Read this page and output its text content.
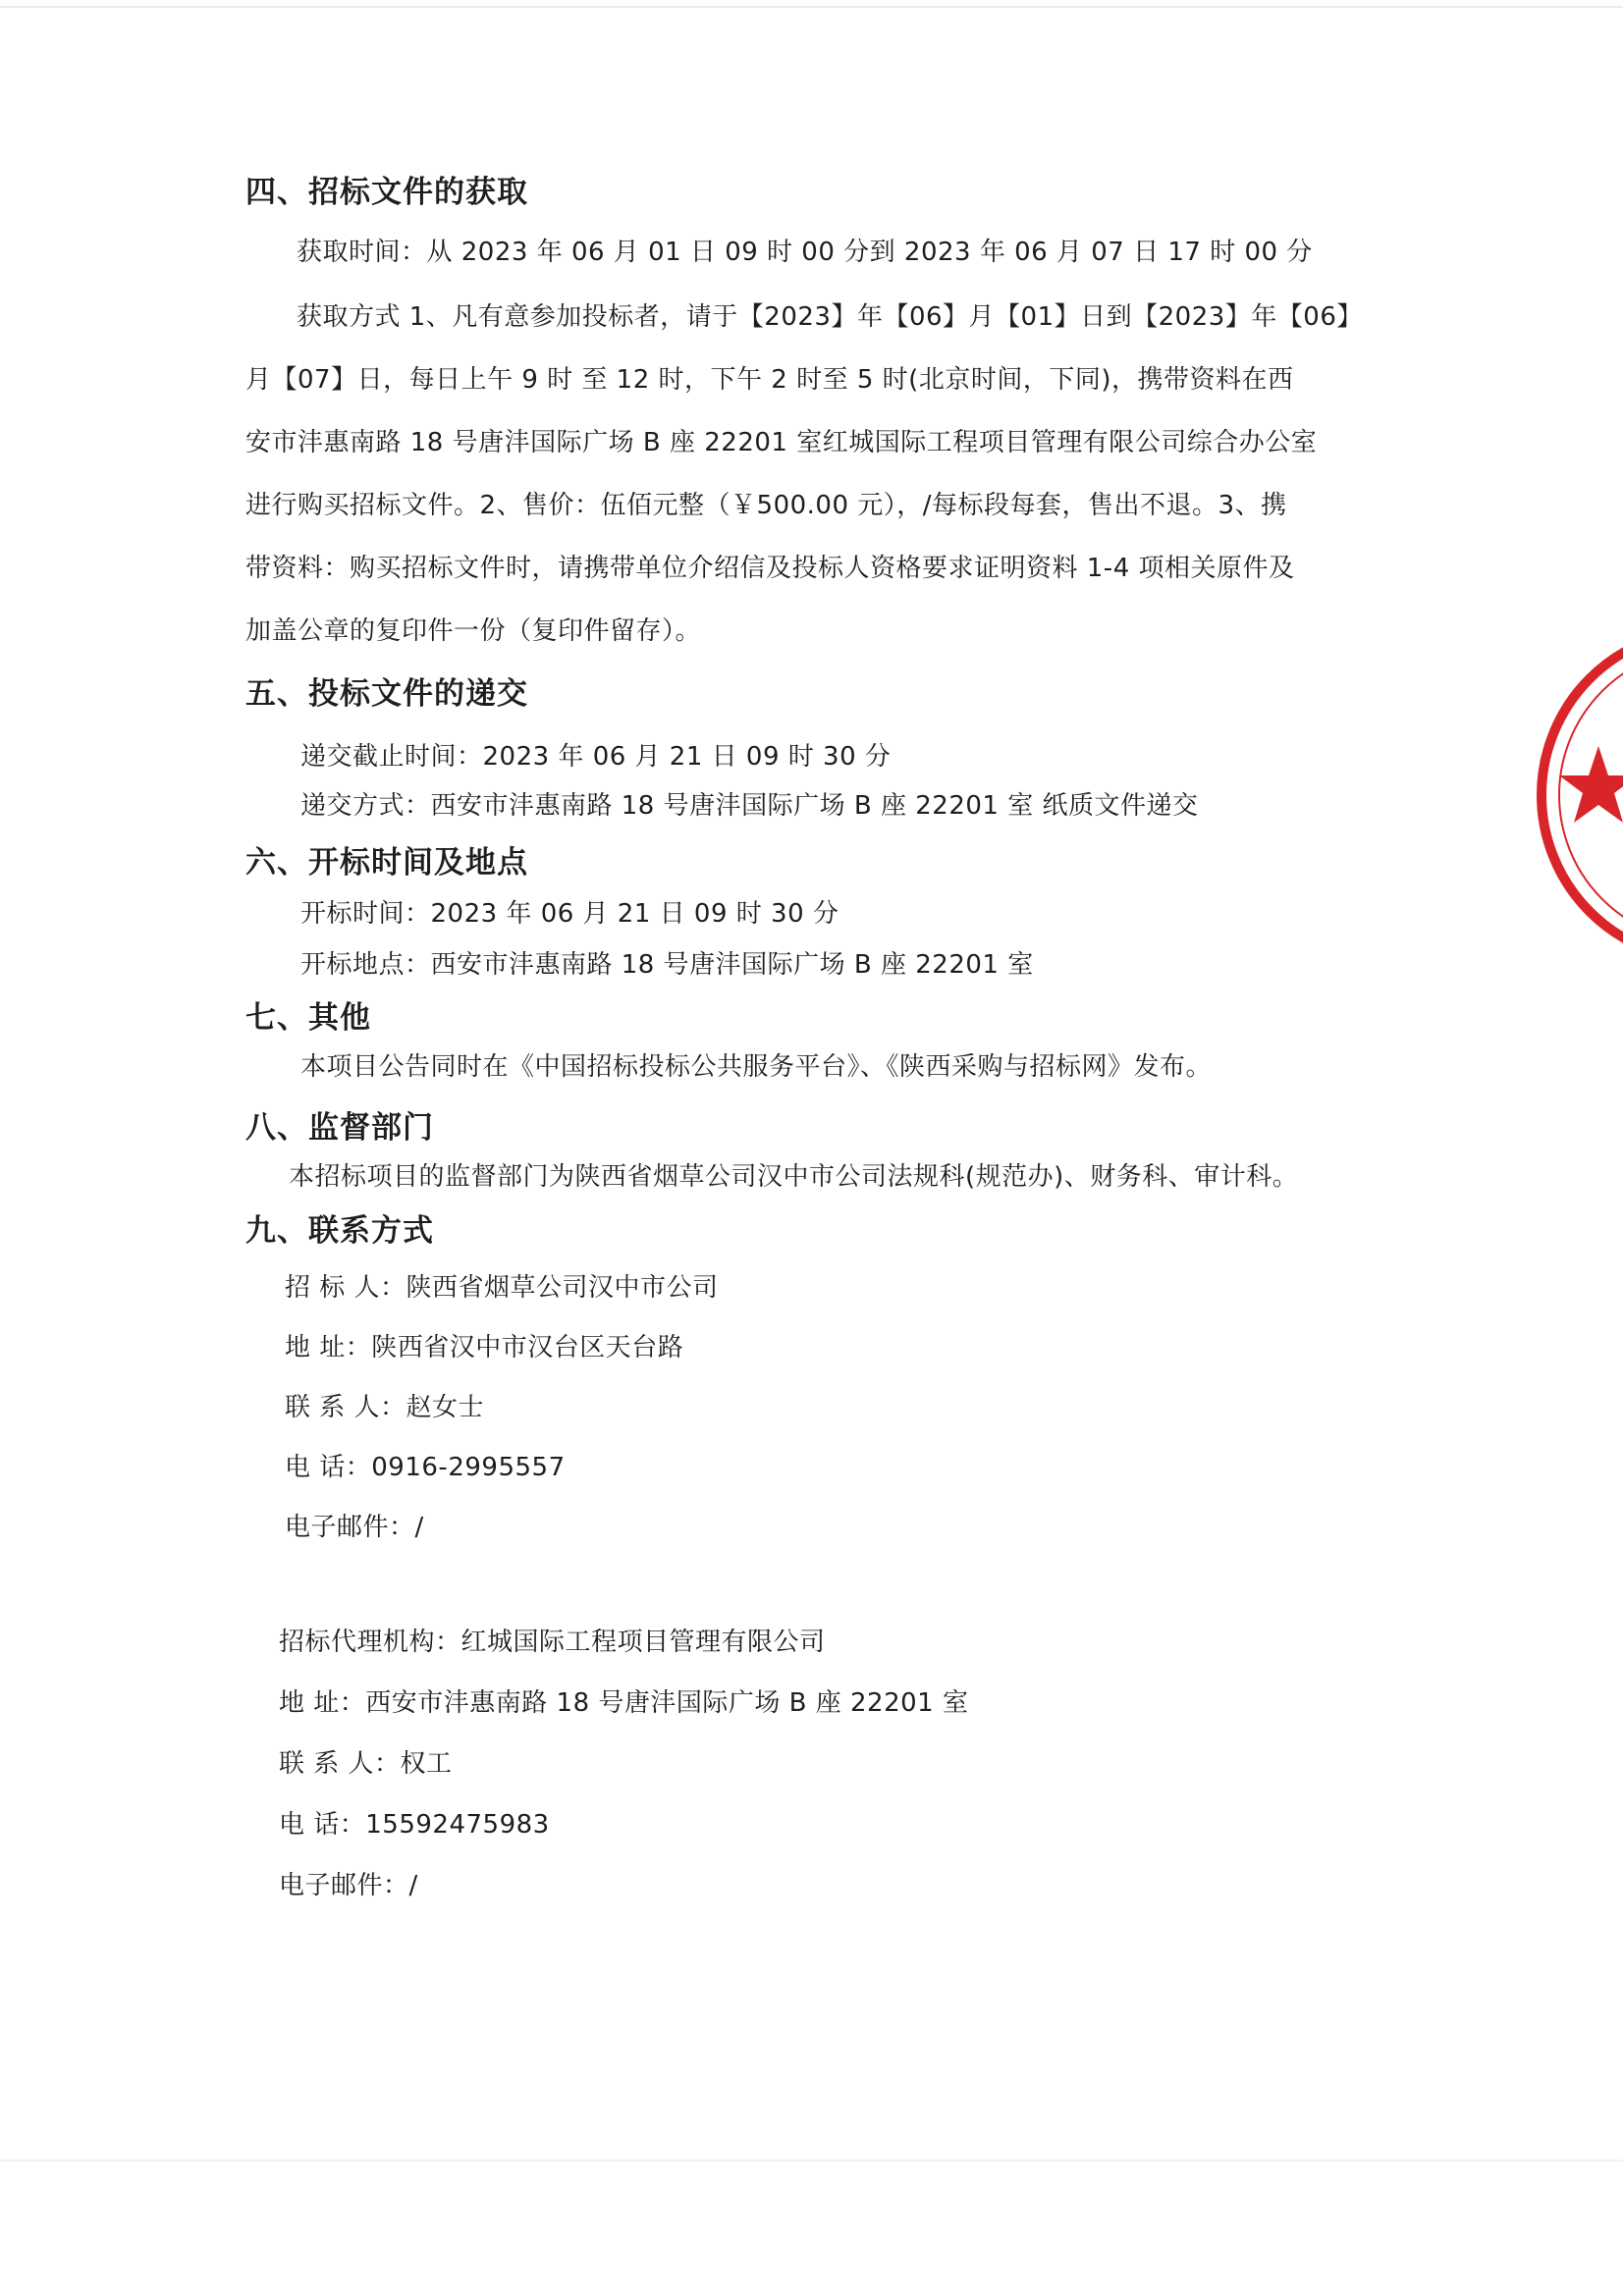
四、招标文件的获取
获取时间：从 2023 年 06 月 01 日 09 时 00 分到 2023 年 06 月 07 日 17 时 00 分
获取方式 1、凡有意参加投标者，请于【2023】年【06】月【01】日到【2023】年【06】
月【07】日，每日上午 9 时 至 12 时，下午 2 时至 5 时(北京时间，下同)，携带资料在西
安市沣惠南路 18 号唐沣国际广场 B 座 22201 室红城国际工程项目管理有限公司综合办公室
进行购买招标文件。2、售价：伍佰元整（￥500.00 元），/每标段每套，售出不退。3、携
带资料：购买招标文件时，请携带单位介绍信及投标人资格要求证明资料 1-4 项相关原件及
加盖公章的复印件一份（复印件留存）。
五、投标文件的递交
递交截止时间：2023 年 06 月 21 日 09 时 30 分
递交方式：西安市沣惠南路 18 号唐沣国际广场 B 座 22201 室 纸质文件递交
六、开标时间及地点
开标时间：2023 年 06 月 21 日 09 时 30 分
开标地点：西安市沣惠南路 18 号唐沣国际广场 B 座 22201 室
七、其他
本项目公告同时在《中国招标投标公共服务平台》、《陕西采购与招标网》发布。
八、监督部门
本招标项目的监督部门为陕西省烟草公司汉中市公司法规科(规范办)、财务科、审计科。
九、联系方式
招 标 人：陕西省烟草公司汉中市公司
地 址：陕西省汉中市汉台区天台路
联 系 人：赵女士
电 话：0916-2995557
电子邮件：/
招标代理机构：红城国际工程项目管理有限公司
地 址：西安市沣惠南路 18 号唐沣国际广场 B 座 22201 室
联 系 人：权工
电 话：15592475983
电子邮件：/
